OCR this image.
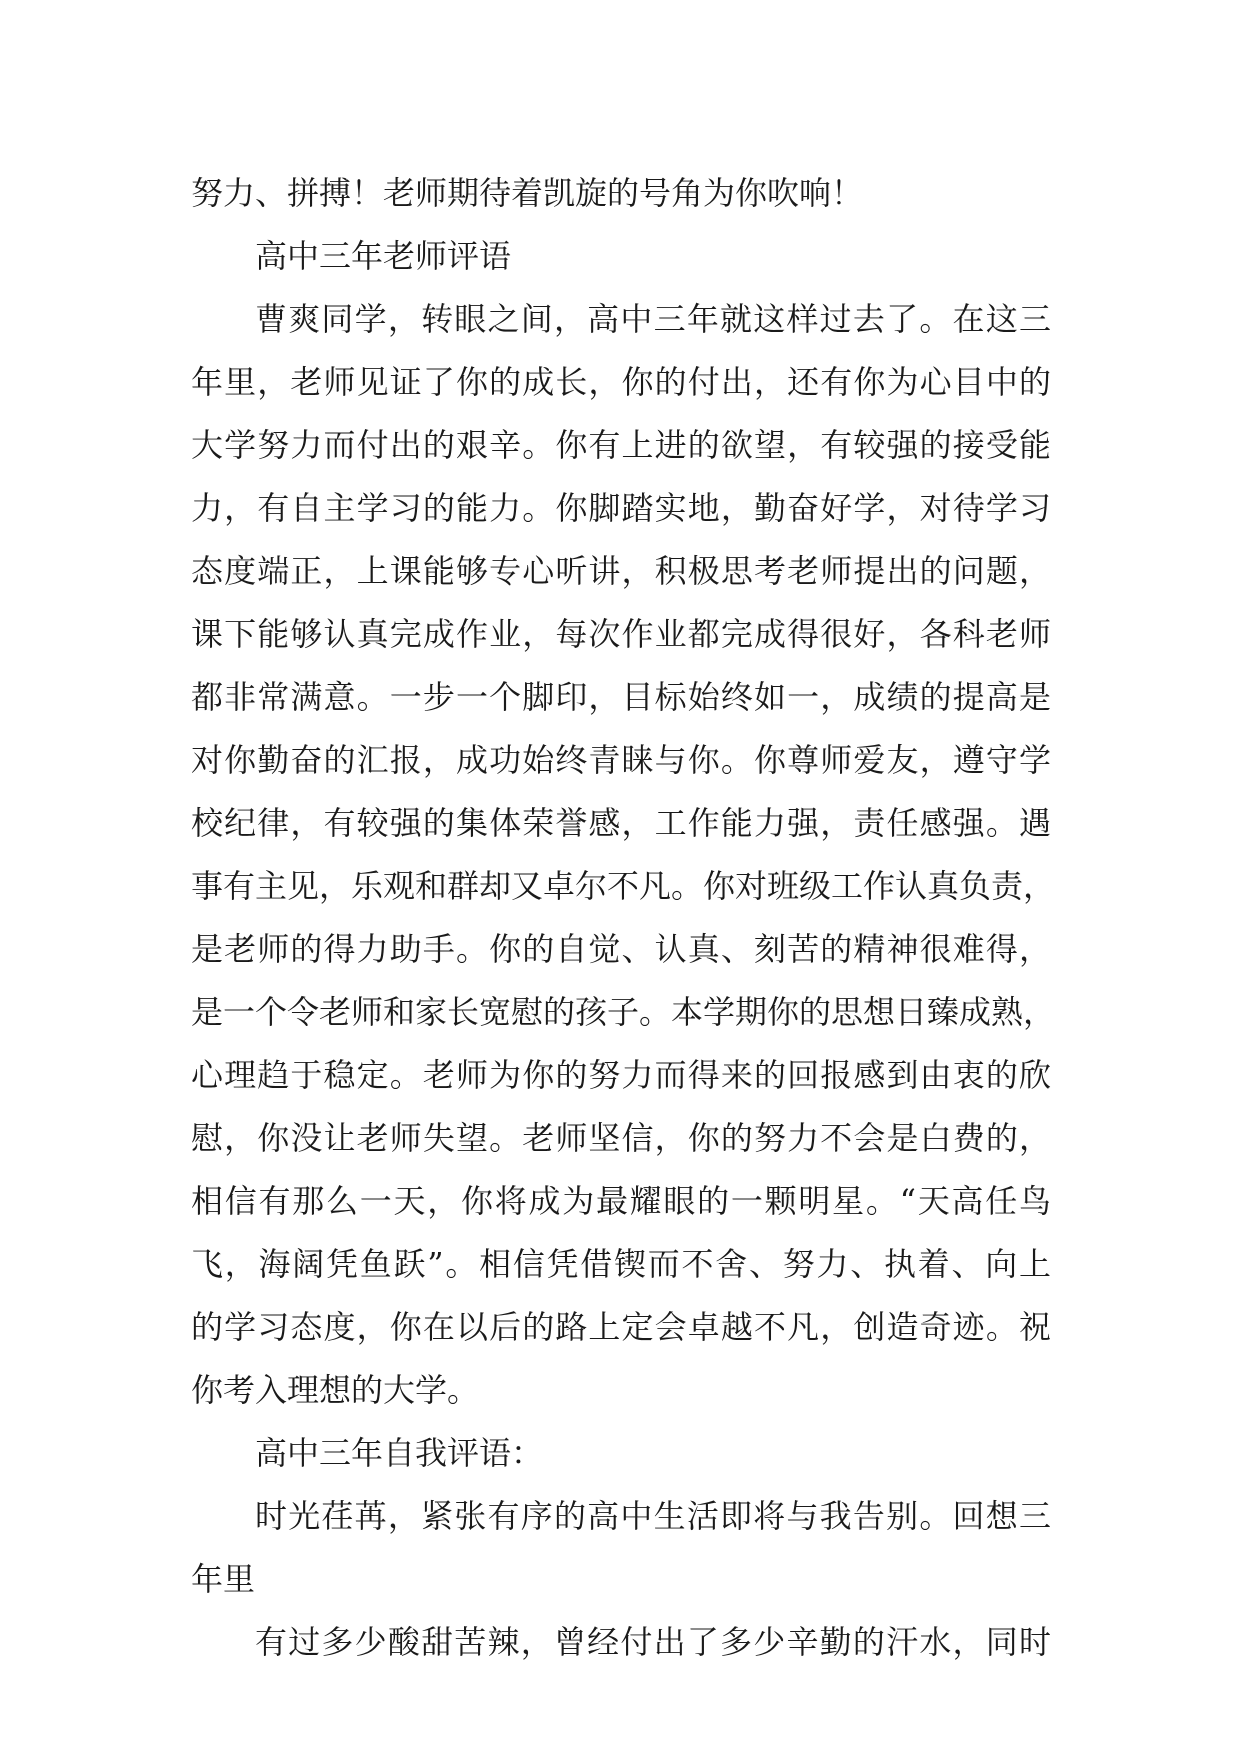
努力、拼搏！老师期待着凯旋的号角为你吹响！
高中三年老师评语
曹爽同学，转眼之间，高中三年就这样过去了。在这三
年里，老师见证了你的成长，你的付出，还有你为心目中的
大学努力而付出的艰辛。你有上进的欲望，有较强的接受能
力，有自主学习的能力。你脚踏实地，勤奋好学，对待学习
态度端正，上课能够专心听讲，积极思考老师提出的问题，
课下能够认真完成作业，每次作业都完成得很好，各科老师
都非常满意。一步一个脚印，目标始终如一，成绩的提高是
对你勤奋的汇报，成功始终青睐与你。你尊师爱友，遵守学
校纪律，有较强的集体荣誉感，工作能力强，责任感强。遇
事有主见，乐观和群却又卓尔不凡。你对班级工作认真负责，
是老师的得力助手。你的自觉、认真、刻苦的精神很难得，
是一个令老师和家长宽慰的孩子。本学期你的思想日臻成熟，
心理趋于稳定。老师为你的努力而得来的回报感到由衷的欣
慰，你没让老师失望。老师坚信，你的努力不会是白费的，
相信有那么一天，你将成为最耀眼的一颗明星。“天高任鸟
飞，海阔凭鱼跃”。相信凭借锲而不舍、努力、执着、向上
的学习态度，你在以后的路上定会卓越不凡，创造奇迹。祝
你考入理想的大学。
高中三年自我评语：
时光荏苒，紧张有序的高中生活即将与我告别。回想三
年里
有过多少酸甜苦辣，曾经付出了多少辛勤的汗水，同时
